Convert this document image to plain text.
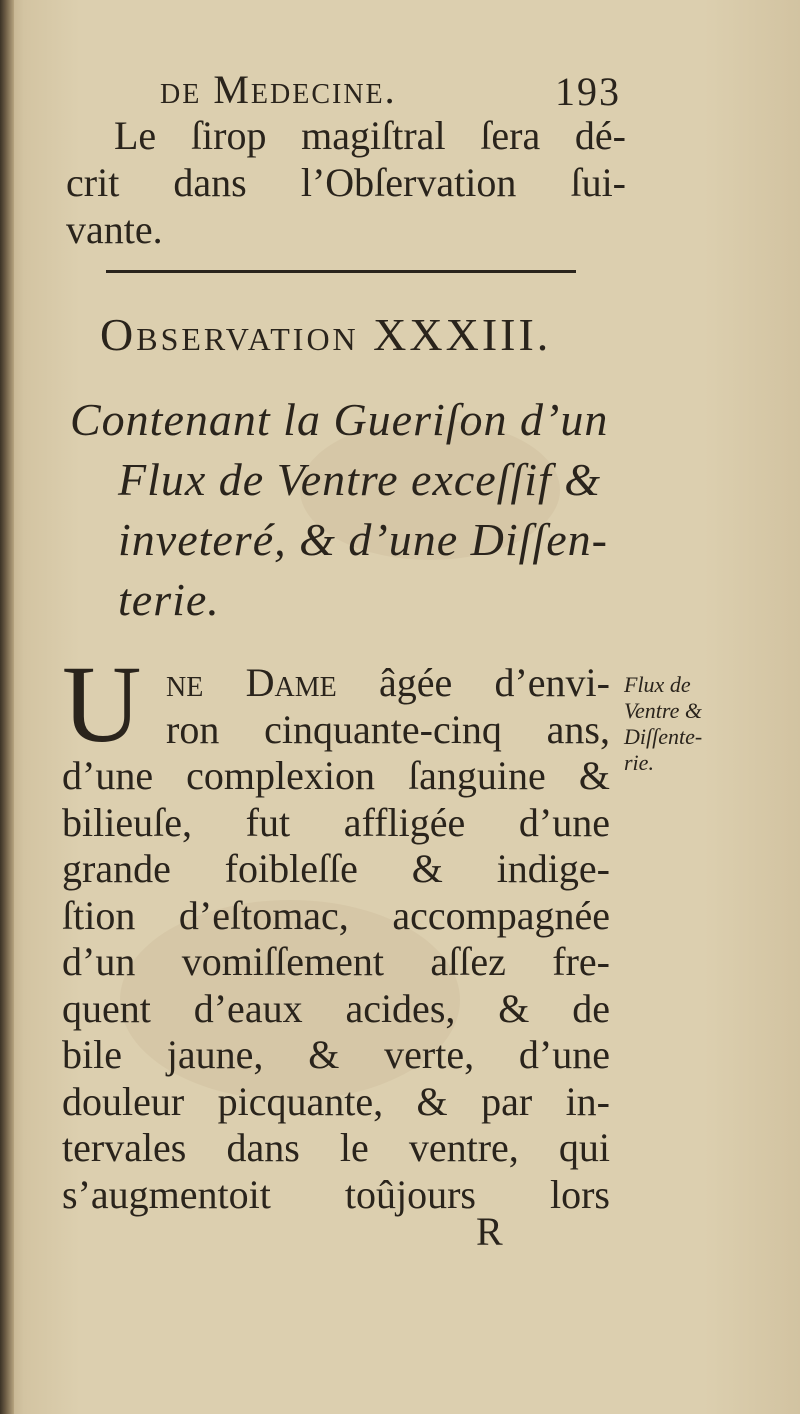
de Medecine.	193

Le ſirop magiſtral ſera dé-
crit dans l’Obſervation ſui-
vante.

Observation XXXIII.
Contenant la Gueriſon d’un
Flux de Ventre exceſſif &
inveteré, & d’une Diſſen-
terie.
U ne Dame âgée d’envi-
ron cinquante-cinq ans,
d’une complexion ſanguine &
bilieuſe, fut affligée d’une
grande foibleſſe & indige-
ſtion d’eſtomac, accompagnée
d’un vomiſſement aſſez fre-
quent d’eaux acides, & de
bile jaune, & verte, d’une
douleur picquante, & par in-
tervales dans le ventre, qui
s’augmentoit toûjours lors

Flux de
Ventre &
Diſſente-
rie.
R
